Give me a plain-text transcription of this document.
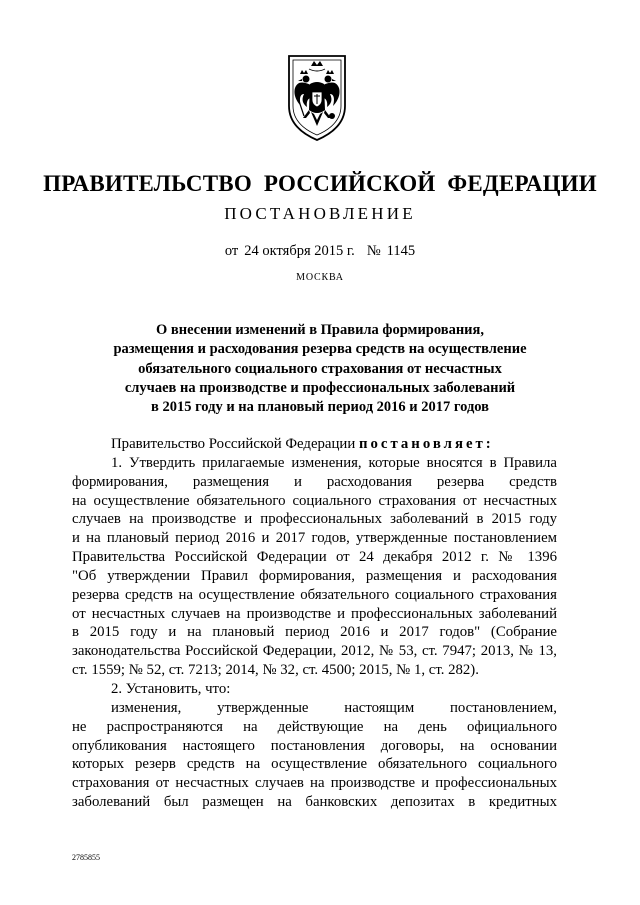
ПРАВИТЕЛЬСТВО РОССИЙСКОЙ ФЕДЕРАЦИИ
ПОСТАНОВЛЕНИЕ
от 24 октября 2015 г. № 1145
МОСКВА
О внесении изменений в Правила формирования,
размещения и расходования резерва средств на осуществление
обязательного социального страхования от несчастных
случаев на производстве и профессиональных заболеваний
в 2015 году и на плановый период 2016 и 2017 годов
Правительство Российской Федерации постановляет:
1. Утвердить прилагаемые изменения, которые вносятся в Правила
формирования, размещения и расходования резерва средств
на осуществление обязательного социального страхования от несчастных
случаев на производстве и профессиональных заболеваний в 2015 году
и на плановый период 2016 и 2017 годов, утвержденные постановлением
Правительства Российской Федерации от 24 декабря 2012 г. № 1396
"Об утверждении Правил формирования, размещения и расходования
резерва средств на осуществление обязательного социального страхования
от несчастных случаев на производстве и профессиональных заболеваний
в 2015 году и на плановый период 2016 и 2017 годов" (Собрание
законодательства Российской Федерации, 2012, № 53, ст. 7947; 2013, № 13,
ст. 1559; № 52, ст. 7213; 2014, № 32, ст. 4500; 2015, № 1, ст. 282).
2. Установить, что:
изменения, утвержденные настоящим постановлением,
не распространяются на действующие на день официального
опубликования настоящего постановления договоры, на основании
которых резерв средств на осуществление обязательного социального
страхования от несчастных случаев на производстве и профессиональных
заболеваний был размещен на банковских депозитах в кредитных
2785855
